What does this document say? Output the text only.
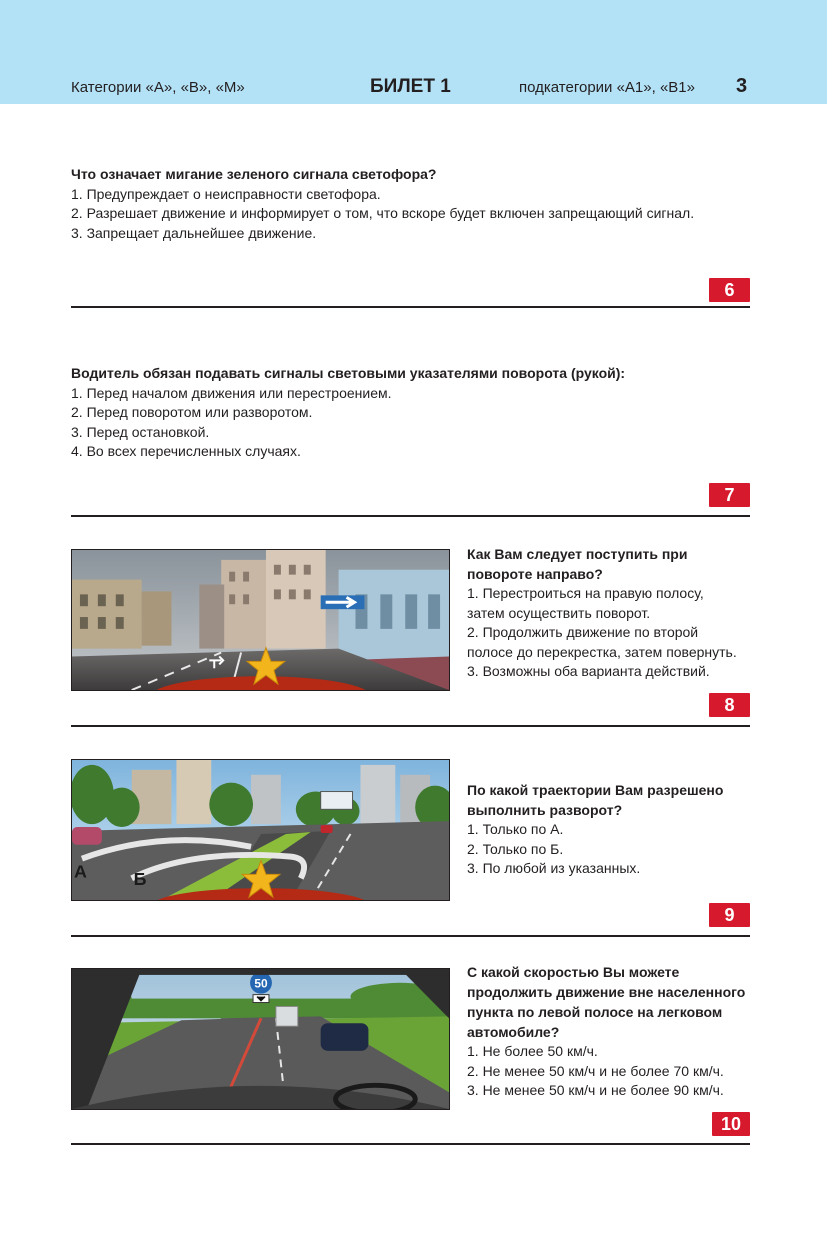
Категории «А», «В», «М»	БИЛЕТ 1	подкатегории «А1», «В1» 3
Что означает мигание зеленого сигнала светофора?
1. Предупреждает о неисправности светофора.
2. Разрешает движение и информирует о том, что вскоре будет включен запрещающий сигнал.
3. Запрещает дальнейшее движение.
6
Водитель обязан подавать сигналы световыми указателями поворота (рукой):
1. Перед началом движения или перестроением.
2. Перед поворотом или разворотом.
3. Перед остановкой.
4. Во всех перечисленных случаях.
7
Как Вам следует поступить при
повороте направо?
1. Перестроиться на правую полосу,
затем осуществить поворот.
2. Продолжить движение по второй
полосе до перекрестка, затем повернуть.
3. Возможны оба варианта действий.
8
А	Б
По какой траектории Вам разрешено
выполнить разворот?
1. Только по А.
2. Только по Б.
3. По любой из указанных.
9
50
С какой скоростью Вы можете
продолжить движение вне населенного
пункта по левой полосе на легковом
автомобиле?
1. Не более 50 км/ч.
2. Не менее 50 км/ч и не более 70 км/ч.
3. Не менее 50 км/ч и не более 90 км/ч.
10
